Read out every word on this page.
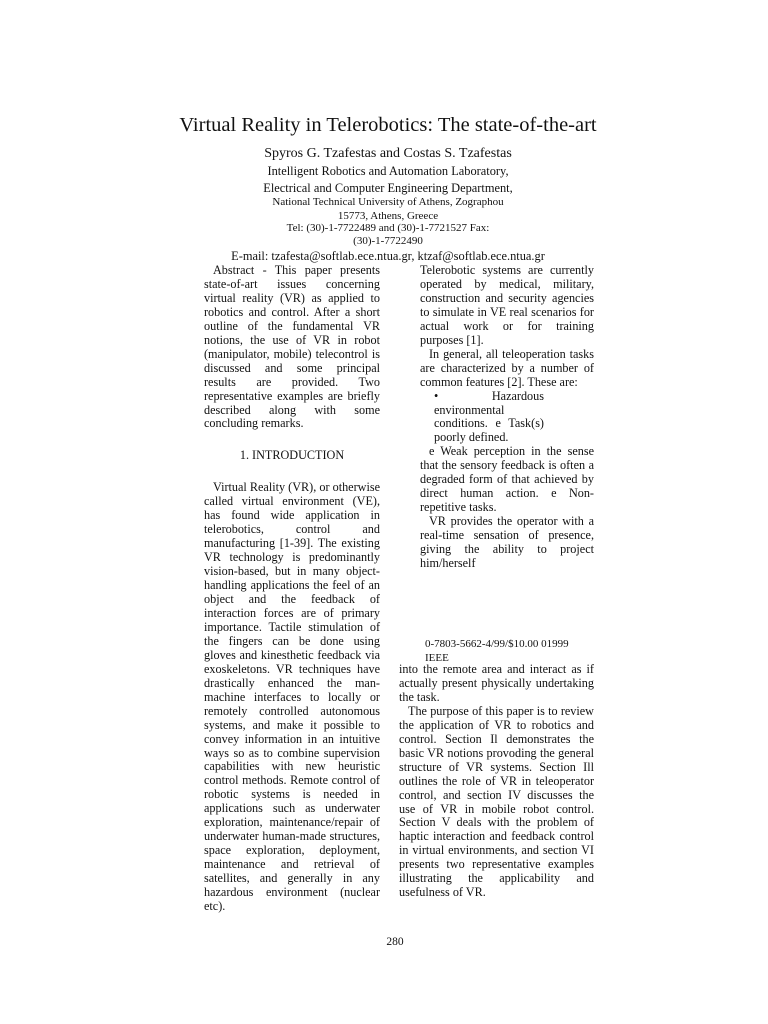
Virtual Reality in Telerobotics: The state-of-the-art
Spyros G. Tzafestas and Costas S. Tzafestas
Intelligent Robotics and Automation Laboratory,
Electrical and Computer Engineering Department,
National Technical University of Athens, Zographou
15773, Athens, Greece
Tel: (30)-1-7722489 and (30)-1-7721527 Fax:
(30)-1-7722490
E-mail: tzafesta@softlab.ece.ntua.gr, ktzaf@softlab.ece.ntua.gr

Abstract - This paper presents state-of-art issues concerning virtual reality (VR) as applied to robotics and control. After a short outline of the fundamental VR notions, the use of VR in robot (manipulator, mobile) telecontrol is discussed and some principal results are provided. Two representative examples are briefly described along with some concluding remarks.

1. INTRODUCTION

Virtual Reality (VR), or otherwise called virtual environment (VE), has found wide application in telerobotics, control and manufacturing [1-39]. The existing VR technology is predominantly vision-based, but in many object-handling applications the feel of an object and the feedback of interaction forces are of primary importance. Tactile stimulation of the fingers can be done using gloves and kinesthetic feedback via exoskeletons. VR techniques have drastically enhanced the man-machine interfaces to locally or remotely controlled autonomous systems, and make it possible to convey information in an intuitive ways so as to combine supervision capabilities with new heuristic control methods. Remote control of robotic systems is needed in applications such as underwater exploration, maintenance/repair of underwater human-made structures, space exploration, deployment, maintenance and retrieval of satellites, and generally in any hazardous environment (nuclear etc).

Telerobotic systems are currently operated by medical, military, construction and security agencies to simulate in VE real scenarios for actual work or for training purposes [1].

In general, all teleoperation tasks are characterized by a number of common features [2]. These are:

• Hazardous environmental conditions. e Task(s) poorly defined.

e Weak perception in the sense that the sensory feedback is often a degraded form of that achieved by direct human action. e Non-repetitive tasks.

VR provides the operator with a real-time sensation of presence, giving the ability to project him/herself

0-7803-5662-4/99/$10.00 01999 IEEE

into the remote area and interact as if actually present physically undertaking the task.

The purpose of this paper is to review the application of VR to robotics and control. Section Il demonstrates the basic VR notions provoding the general structure of VR systems. Section Ill outlines the role of VR in teleoperator control, and section IV discusses the use of VR in mobile robot control. Section V deals with the problem of haptic interaction and feedback control in virtual environments, and section VI presents two representative examples illustrating the applicability and usefulness of VR.

280
